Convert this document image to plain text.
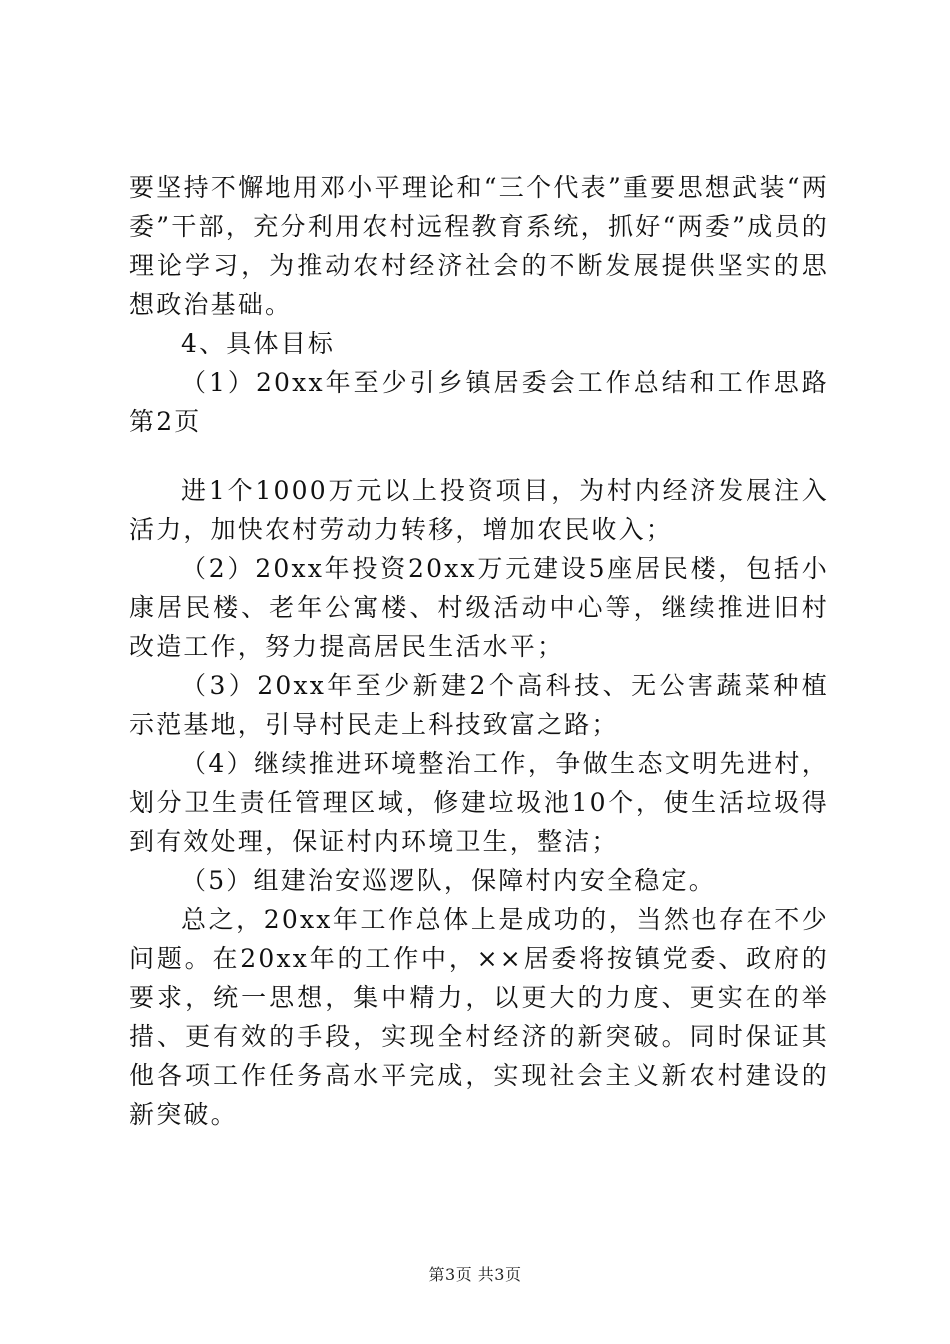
要坚持不懈地用邓小平理论和“三个代表”重要思想武装“两委”干部，充分利用农村远程教育系统，抓好“两委”成员的理论学习，为推动农村经济社会的不断发展提供坚实的思想政治基础。

4、具体目标

（1）20xx年至少引乡镇居委会工作总结和工作思路第2页

进1个1000万元以上投资项目，为村内经济发展注入活力，加快农村劳动力转移，增加农民收入；

（2）20xx年投资20xx万元建设5座居民楼，包括小康居民楼、老年公寓楼、村级活动中心等，继续推进旧村改造工作，努力提高居民生活水平；

（3）20xx年至少新建2个高科技、无公害蔬菜种植示范基地，引导村民走上科技致富之路；

（4）继续推进环境整治工作，争做生态文明先进村，划分卫生责任管理区域，修建垃圾池10个，使生活垃圾得到有效处理，保证村内环境卫生，整洁；

（5）组建治安巡逻队，保障村内安全稳定。

总之，20xx年工作总体上是成功的，当然也存在不少问题。在20xx年的工作中，××居委将按镇党委、政府的要求，统一思想，集中精力，以更大的力度、更实在的举措、更有效的手段，实现全村经济的新突破。同时保证其他各项工作任务高水平完成，实现社会主义新农村建设的新突破。

第3页 共3页
